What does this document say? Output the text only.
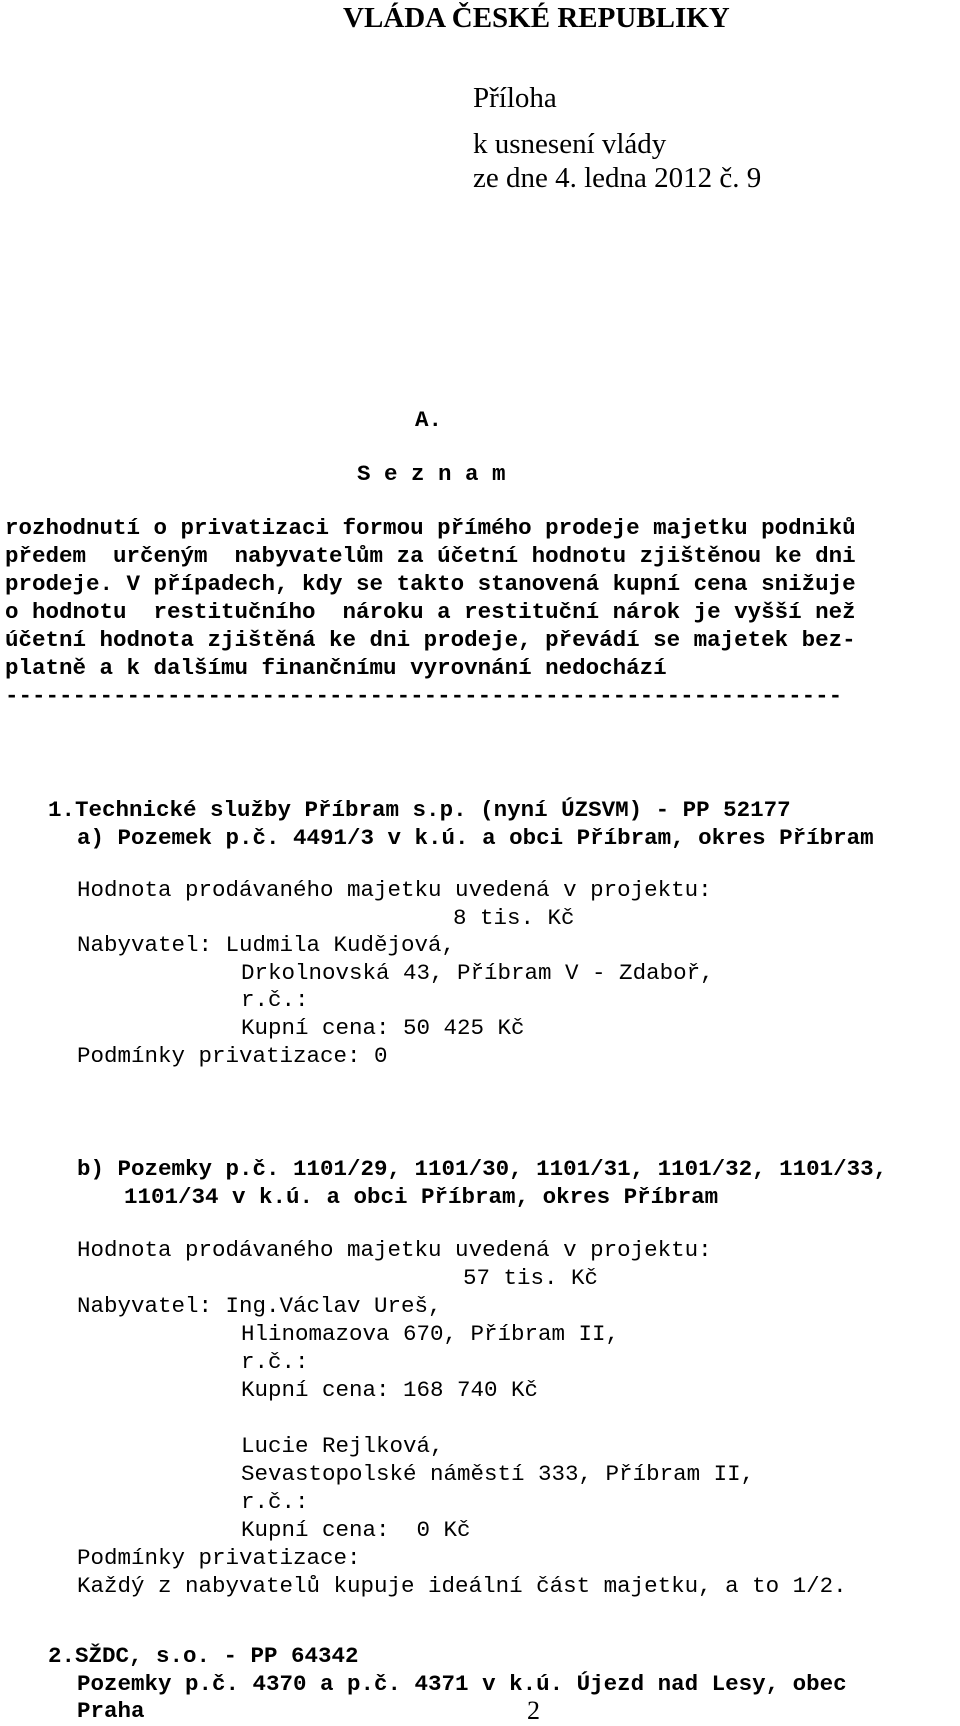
VLÁDA ČESKÉ REPUBLIKY
Příloha
k usnesení vlády
ze dne 4. ledna 2012 č. 9
A.
S e z n a m
rozhodnutí o privatizaci formou přímého prodeje majetku podniků
předem  určeným  nabyvatelům za účetní hodnotu zjištěnou ke dni
prodeje. V případech, kdy se takto stanovená kupní cena snižuje
o hodnotu  restitučního  nároku a restituční nárok je vyšší než
účetní hodnota zjištěná ke dni prodeje, převádí se majetek bez-
platně a k dalšímu finančnímu vyrovnání nedochází
--------------------------------------------------------------
1.Technické služby Příbram s.p. (nyní ÚZSVM) - PP 52177
a) Pozemek p.č. 4491/3 v k.ú. a obci Příbram, okres Příbram
Hodnota prodávaného majetku uvedená v projektu:
8 tis. Kč
Nabyvatel: Ludmila Kudějová,
Drkolnovská 43, Příbram V - Zdaboř,
r.č.:
Kupní cena: 50 425 Kč
Podmínky privatizace: 0
b) Pozemky p.č. 1101/29, 1101/30, 1101/31, 1101/32, 1101/33,
1101/34 v k.ú. a obci Příbram, okres Příbram
Hodnota prodávaného majetku uvedená v projektu:
57 tis. Kč
Nabyvatel: Ing.Václav Ureš,
Hlinomazova 670, Příbram II,
r.č.:
Kupní cena: 168 740 Kč
Lucie Rejlková,
Sevastopolské náměstí 333, Příbram II,
r.č.:
Kupní cena:  0 Kč
Podmínky privatizace:
Každý z nabyvatelů kupuje ideální část majetku, a to 1/2.
2.SŽDC, s.o. - PP 64342
Pozemky p.č. 4370 a p.č. 4371 v k.ú. Újezd nad Lesy, obec
Praha	2
